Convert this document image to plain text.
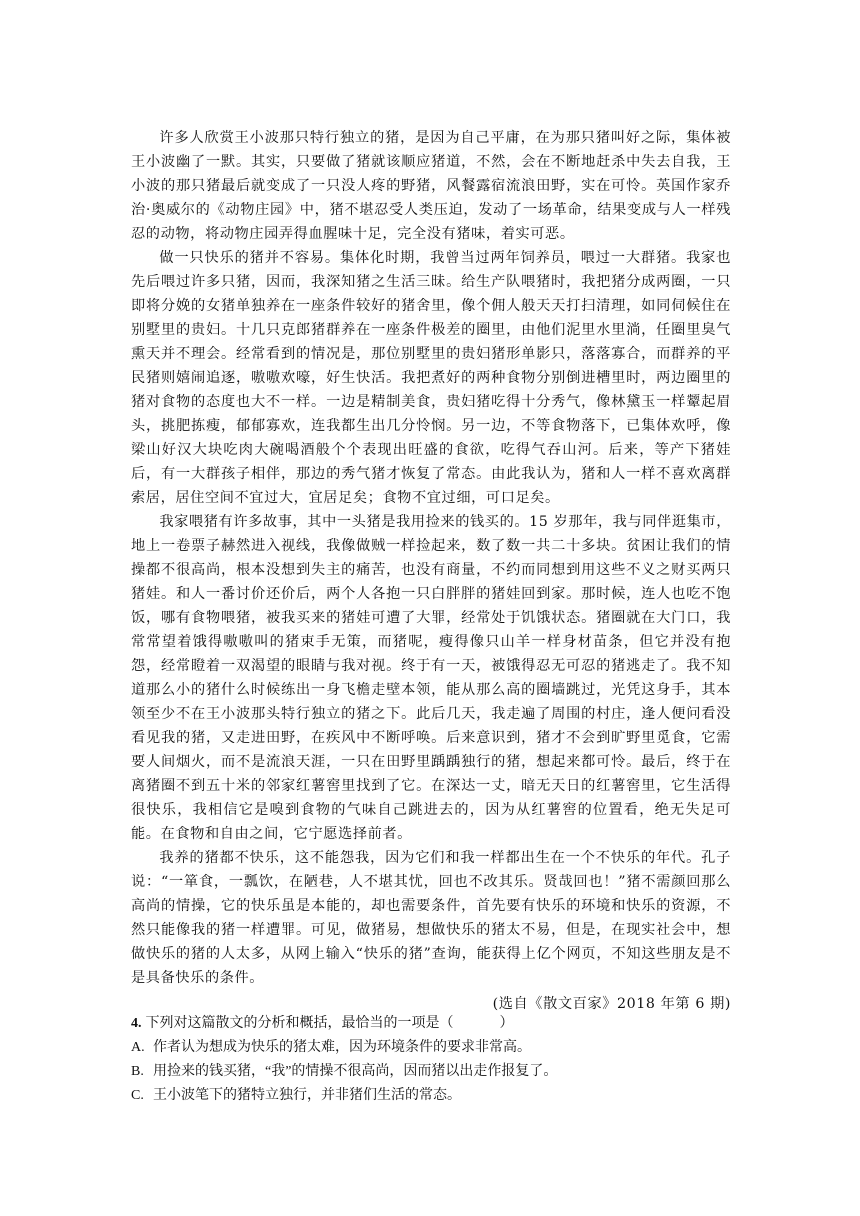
许多人欣赏王小波那只特行独立的猪，是因为自己平庸，在为那只猪叫好之际，集体被王小波幽了一默。其实，只要做了猪就该顺应猪道，不然，会在不断地赶杀中失去自我，王小波的那只猪最后就变成了一只没人疼的野猪，风餐露宿流浪田野，实在可怜。英国作家乔治·奥威尔的《动物庄园》中，猪不堪忍受人类压迫，发动了一场革命，结果变成与人一样残忍的动物，将动物庄园弄得血腥味十足，完全没有猪味，着实可恶。

做一只快乐的猪并不容易。集体化时期，我曾当过两年饲养员，喂过一大群猪。我家也先后喂过许多只猪，因而，我深知猪之生活三昧。给生产队喂猪时，我把猪分成两圈，一只即将分娩的女猪单独养在一座条件较好的猪舍里，像个佣人般天天打扫清理，如同伺候住在别墅里的贵妇。十几只克郎猪群养在一座条件极差的圈里，由他们泥里水里淌，任圈里臭气熏天并不理会。经常看到的情况是，那位别墅里的贵妇猪形单影只，落落寡合，而群养的平民猪则嬉闹追逐，嗷嗷欢嚎，好生快活。我把煮好的两种食物分别倒进槽里时，两边圈里的猪对食物的态度也大不一样。一边是精制美食，贵妇猪吃得十分秀气，像林黛玉一样颦起眉头，挑肥拣瘦，郁郁寡欢，连我都生出几分怜悯。另一边，不等食物落下，已集体欢呼，像梁山好汉大块吃肉大碗喝酒般个个表现出旺盛的食欲，吃得气吞山河。后来，等产下猪娃后，有一大群孩子相伴，那边的秀气猪才恢复了常态。由此我认为，猪和人一样不喜欢离群索居，居住空间不宜过大，宜居足矣；食物不宜过细，可口足矣。

我家喂猪有许多故事，其中一头猪是我用捡来的钱买的。15 岁那年，我与同伴逛集市，地上一卷票子赫然进入视线，我像做贼一样捡起来，数了数一共二十多块。贫困让我们的情操都不很高尚，根本没想到失主的痛苦，也没有商量，不约而同想到用这些不义之财买两只猪娃。和人一番讨价还价后，两个人各抱一只白胖胖的猪娃回到家。那时候，连人也吃不饱饭，哪有食物喂猪，被我买来的猪娃可遭了大罪，经常处于饥饿状态。猪圈就在大门口，我常常望着饿得嗷嗷叫的猪束手无策，而猪呢，瘦得像只山羊一样身材苗条，但它并没有抱怨，经常瞪着一双渴望的眼睛与我对视。终于有一天，被饿得忍无可忍的猪逃走了。我不知道那么小的猪什么时候练出一身飞檐走壁本领，能从那么高的圈墙跳过，光凭这身手，其本领至少不在王小波那头特行独立的猪之下。此后几天，我走遍了周围的村庄，逢人便问看没看见我的猪，又走进田野，在疾风中不断呼唤。后来意识到，猪才不会到旷野里觅食，它需要人间烟火，而不是流浪天涯，一只在田野里踽踽独行的猪，想起来都可怜。最后，终于在离猪圈不到五十米的邻家红薯窖里找到了它。在深达一丈，暗无天日的红薯窖里，它生活得很快乐，我相信它是嗅到食物的气味自己跳进去的，因为从红薯窖的位置看，绝无失足可能。在食物和自由之间，它宁愿选择前者。

我养的猪都不快乐，这不能怨我，因为它们和我一样都出生在一个不快乐的年代。孔子说：“一箪食，一瓢饮，在陋巷，人不堪其忧，回也不改其乐。贤哉回也！”猪不需颜回那么高尚的情操，它的快乐虽是本能的，却也需要条件，首先要有快乐的环境和快乐的资源，不然只能像我的猪一样遭罪。可见，做猪易，想做快乐的猪太不易，但是，在现实社会中，想做快乐的猪的人太多，从网上输入“快乐的猪”查询，能获得上亿个网页，不知这些朋友是不是具备快乐的条件。

(选自《散文百家》2018 年第 6 期)

4. 下列对这篇散文的分析和概括，最恰当的一项是（	）

A. 作者认为想成为快乐的猪太难，因为环境条件的要求非常高。

B. 用捡来的钱买猪，“我”的情操不很高尚，因而猪以出走作报复了。

C. 王小波笔下的猪特立独行，并非猪们生活的常态。
